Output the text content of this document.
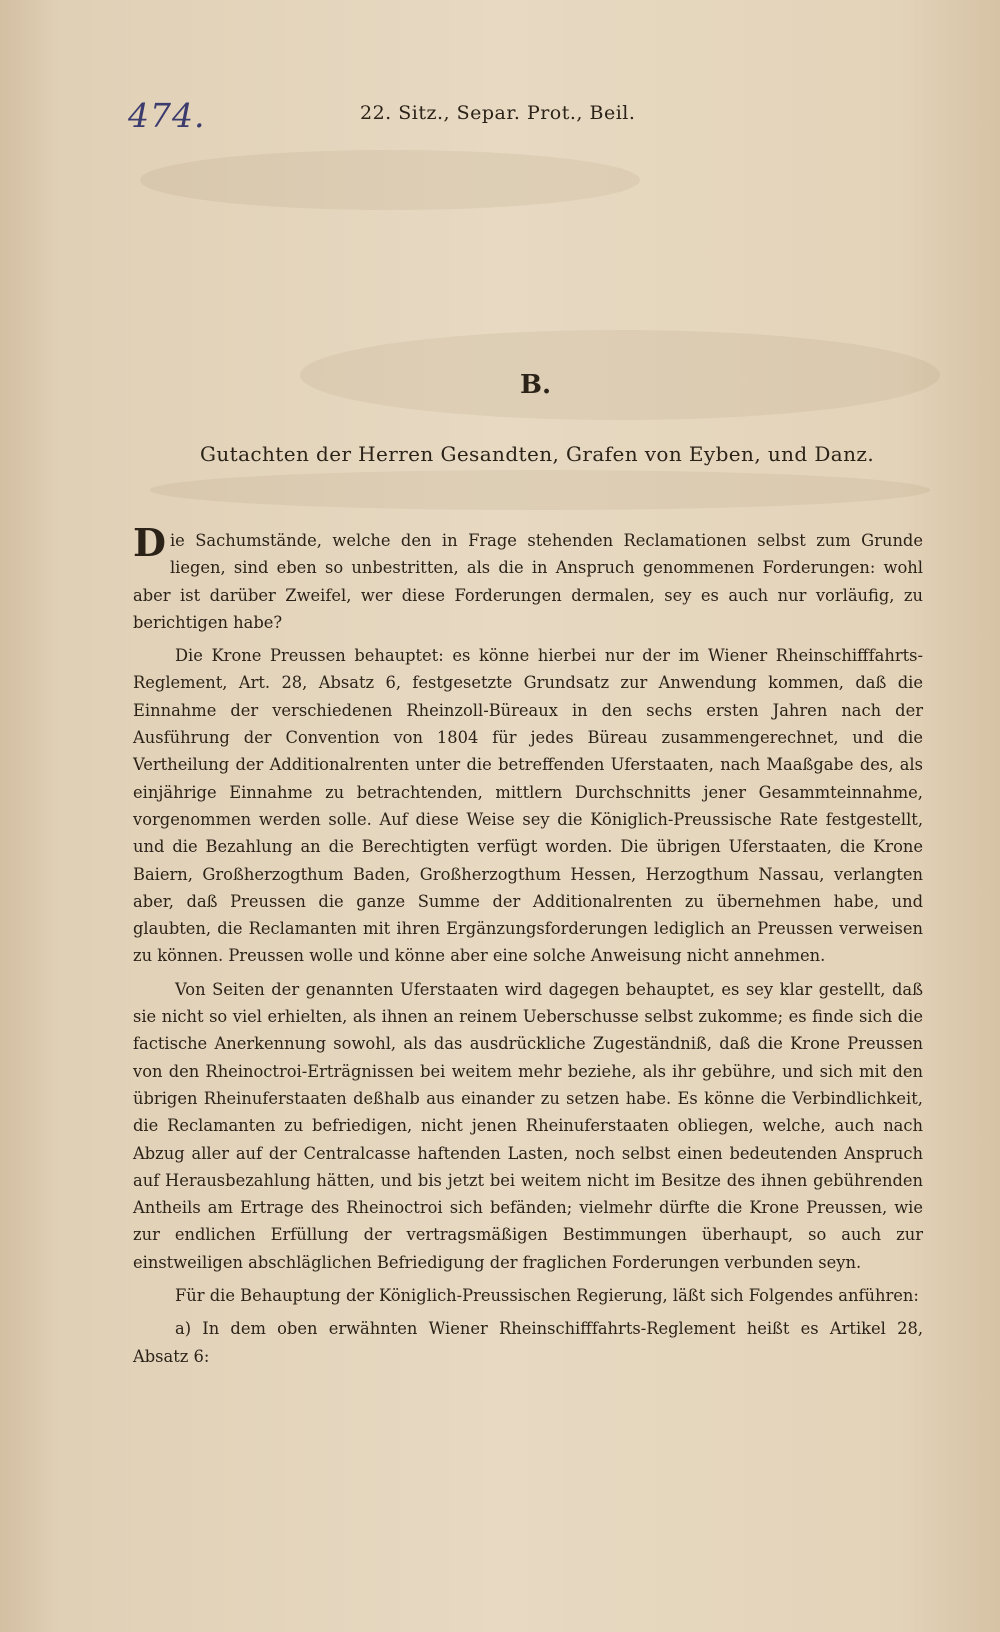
474.	22. Sitz., Separ. Prot., Beil.
B.
Gutachten der Herren Gesandten, Grafen von Eyben, und Danz.

Die Sachumstände, welche den in Frage stehenden Reclamationen selbst zum Grunde liegen, sind eben so unbestritten, als die in Anspruch genommenen Forderungen: wohl aber ist darüber Zweifel, wer diese Forderungen dermalen, sey es auch nur vorläufig, zu berichtigen habe?

Die Krone Preussen behauptet: es könne hierbei nur der im Wiener Rheinschifffahrts-Reglement, Art. 28, Absatz 6, festgesetzte Grundsatz zur Anwendung kommen, daß die Einnahme der verschiedenen Rheinzoll-Büreaux in den sechs ersten Jahren nach der Ausführung der Convention von 1804 für jedes Büreau zusammengerechnet, und die Vertheilung der Additionalrenten unter die betreffenden Uferstaaten, nach Maaßgabe des, als einjährige Einnahme zu betrachtenden, mittlern Durchschnitts jener Gesammteinnahme, vorgenommen werden solle. Auf diese Weise sey die Königlich-Preussische Rate festgestellt, und die Bezahlung an die Berechtigten verfügt worden. Die übrigen Uferstaaten, die Krone Baiern, Großherzogthum Baden, Großherzogthum Hessen, Herzogthum Nassau, verlangten aber, daß Preussen die ganze Summe der Additionalrenten zu übernehmen habe, und glaubten, die Reclamanten mit ihren Ergänzungsforderungen lediglich an Preussen verweisen zu können. Preussen wolle und könne aber eine solche Anweisung nicht annehmen.

Von Seiten der genannten Uferstaaten wird dagegen behauptet, es sey klar gestellt, daß sie nicht so viel erhielten, als ihnen an reinem Ueberschusse selbst zukomme; es finde sich die factische Anerkennung sowohl, als das ausdrückliche Zugeständniß, daß die Krone Preussen von den Rheinoctroi-Erträgnissen bei weitem mehr beziehe, als ihr gebühre, und sich mit den übrigen Rheinuferstaaten deßhalb aus einander zu setzen habe. Es könne die Verbindlichkeit, die Reclamanten zu befriedigen, nicht jenen Rheinuferstaaten obliegen, welche, auch nach Abzug aller auf der Centralcasse haftenden Lasten, noch selbst einen bedeutenden Anspruch auf Herausbezahlung hätten, und bis jetzt bei weitem nicht im Besitze des ihnen gebührenden Antheils am Ertrage des Rheinoctroi sich befänden; vielmehr dürfte die Krone Preussen, wie zur endlichen Erfüllung der vertragsmäßigen Bestimmungen überhaupt, so auch zur einstweiligen abschläglichen Befriedigung der fraglichen Forderungen verbunden seyn.

Für die Behauptung der Königlich-Preussischen Regierung, läßt sich Folgendes anführen:

a) In dem oben erwähnten Wiener Rheinschifffahrts-Reglement heißt es Artikel 28, Absatz 6:
